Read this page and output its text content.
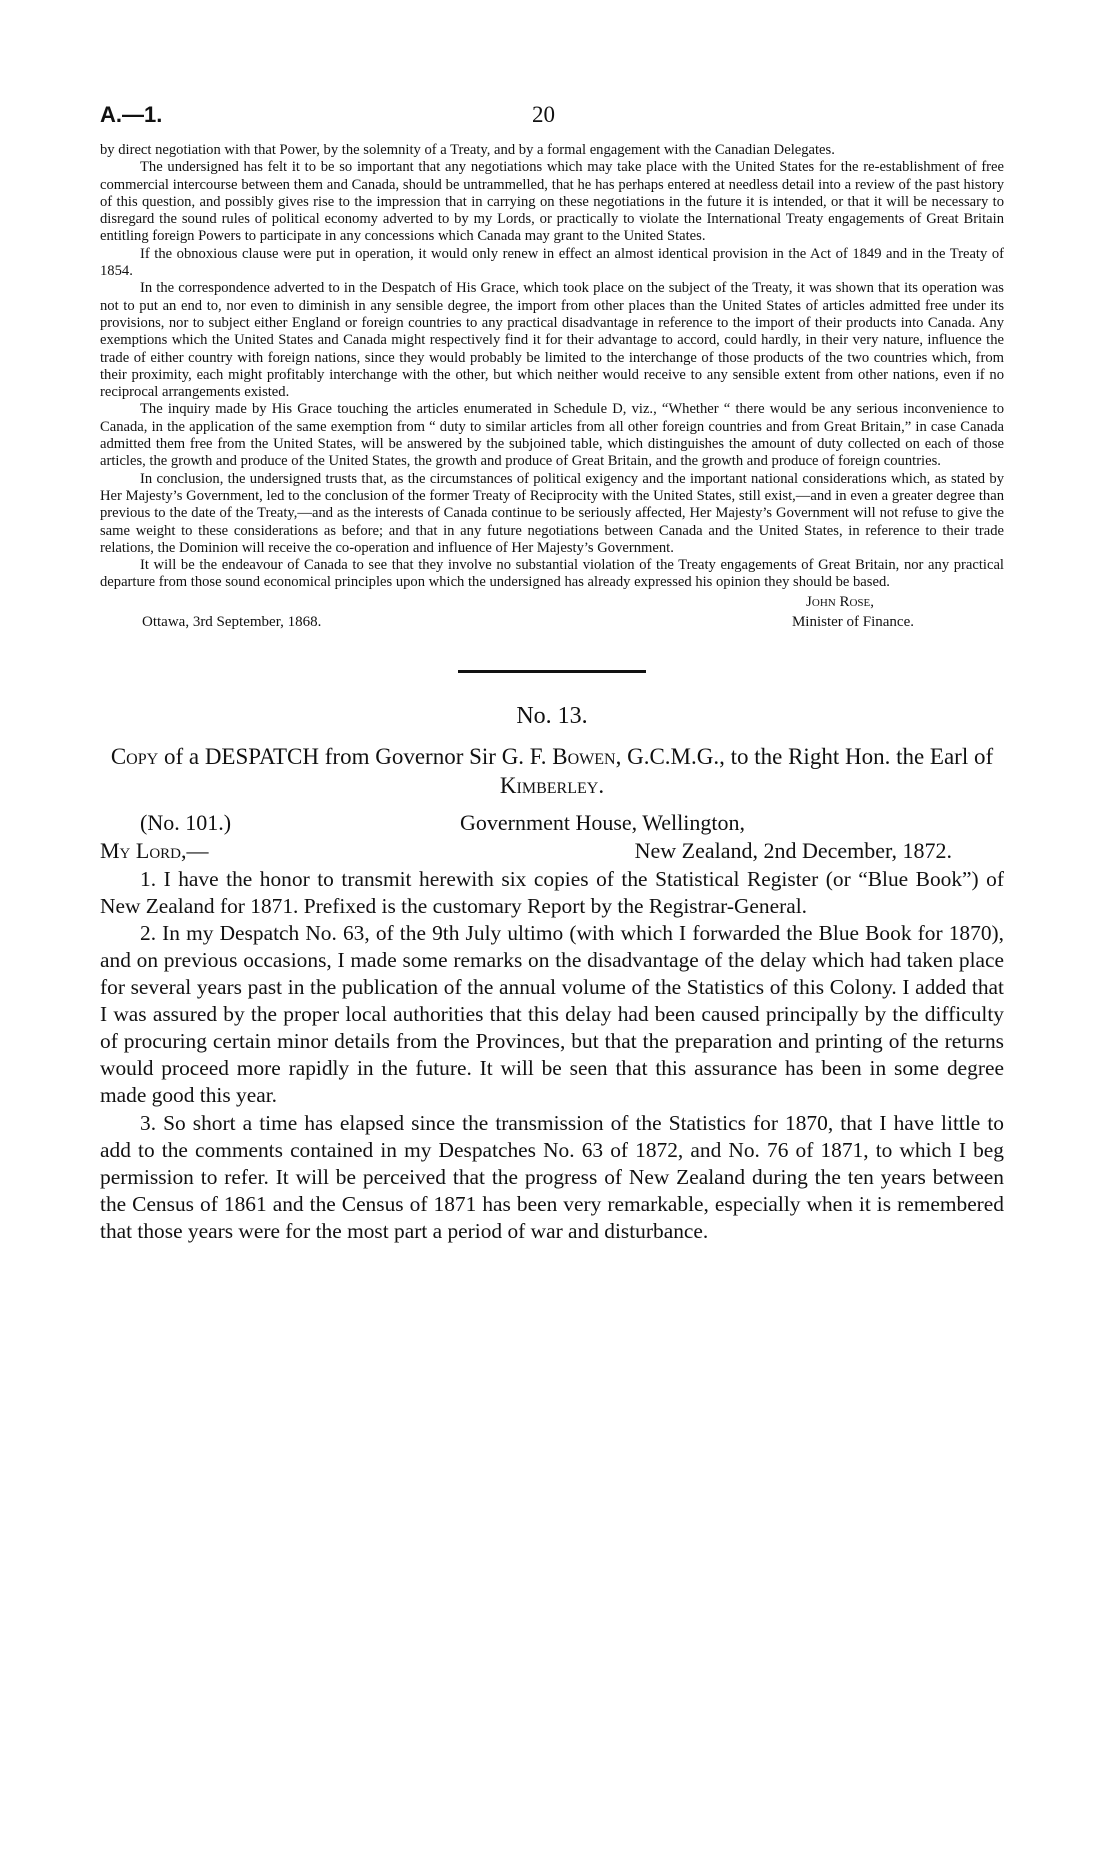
A.—1.	20

by direct negotiation with that Power, by the solemnity of a Treaty, and by a formal engagement with the Canadian Delegates.

The undersigned has felt it to be so important that any negotiations which may take place with the United States for the re-establishment of free commercial intercourse between them and Canada, should be untrammelled, that he has perhaps entered at needless detail into a review of the past history of this question, and possibly gives rise to the impression that in carrying on these negotiations in the future it is intended, or that it will be necessary to disregard the sound rules of political economy adverted to by my Lords, or practically to violate the International Treaty engagements of Great Britain entitling foreign Powers to participate in any concessions which Canada may grant to the United States.

If the obnoxious clause were put in operation, it would only renew in effect an almost identical provision in the Act of 1849 and in the Treaty of 1854.

In the correspondence adverted to in the Despatch of His Grace, which took place on the subject of the Treaty, it was shown that its operation was not to put an end to, nor even to diminish in any sensible degree, the import from other places than the United States of articles admitted free under its provisions, nor to subject either England or foreign countries to any practical disadvantage in reference to the import of their products into Canada. Any exemptions which the United States and Canada might respectively find it for their advantage to accord, could hardly, in their very nature, influence the trade of either country with foreign nations, since they would probably be limited to the interchange of those products of the two countries which, from their proximity, each might profitably interchange with the other, but which neither would receive to any sensible extent from other nations, even if no reciprocal arrangements existed.

The inquiry made by His Grace touching the articles enumerated in Schedule D, viz., “Whether “ there would be any serious inconvenience to Canada, in the application of the same exemption from “ duty to similar articles from all other foreign countries and from Great Britain,” in case Canada admitted them free from the United States, will be answered by the subjoined table, which distinguishes the amount of duty collected on each of those articles, the growth and produce of the United States, the growth and produce of Great Britain, and the growth and produce of foreign countries.

In conclusion, the undersigned trusts that, as the circumstances of political exigency and the important national considerations which, as stated by Her Majesty’s Government, led to the conclusion of the former Treaty of Reciprocity with the United States, still exist,—and in even a greater degree than previous to the date of the Treaty,—and as the interests of Canada continue to be seriously affected, Her Majesty’s Government will not refuse to give the same weight to these considerations as before; and that in any future negotiations between Canada and the United States, in reference to their trade relations, the Dominion will receive the co-operation and influence of Her Majesty’s Government.

It will be the endeavour of Canada to see that they involve no substantial violation of the Treaty engagements of Great Britain, nor any practical departure from those sound economical principles upon which the undersigned has already expressed his opinion they should be based.

John Rose,
Ottawa, 3rd September, 1868.	Minister of Finance.
No. 13.
Copy of a DESPATCH from Governor Sir G. F. Bowen, G.C.M.G., to the Right Hon. the Earl of Kimberley.
(No. 101.)	Government House, Wellington,
My Lord,—	New Zealand, 2nd December, 1872.

1. I have the honor to transmit herewith six copies of the Statistical Register (or “Blue Book”) of New Zealand for 1871. Prefixed is the customary Report by the Registrar-General.

2. In my Despatch No. 63, of the 9th July ultimo (with which I forwarded the Blue Book for 1870), and on previous occasions, I made some remarks on the disadvantage of the delay which had taken place for several years past in the publication of the annual volume of the Statistics of this Colony. I added that I was assured by the proper local authorities that this delay had been caused principally by the difficulty of procuring certain minor details from the Provinces, but that the preparation and printing of the returns would proceed more rapidly in the future. It will be seen that this assurance has been in some degree made good this year.

3. So short a time has elapsed since the transmission of the Statistics for 1870, that I have little to add to the comments contained in my Despatches No. 63 of 1872, and No. 76 of 1871, to which I beg permission to refer. It will be perceived that the progress of New Zealand during the ten years between the Census of 1861 and the Census of 1871 has been very remarkable, especially when it is remembered that those years were for the most part a period of war and disturbance.
